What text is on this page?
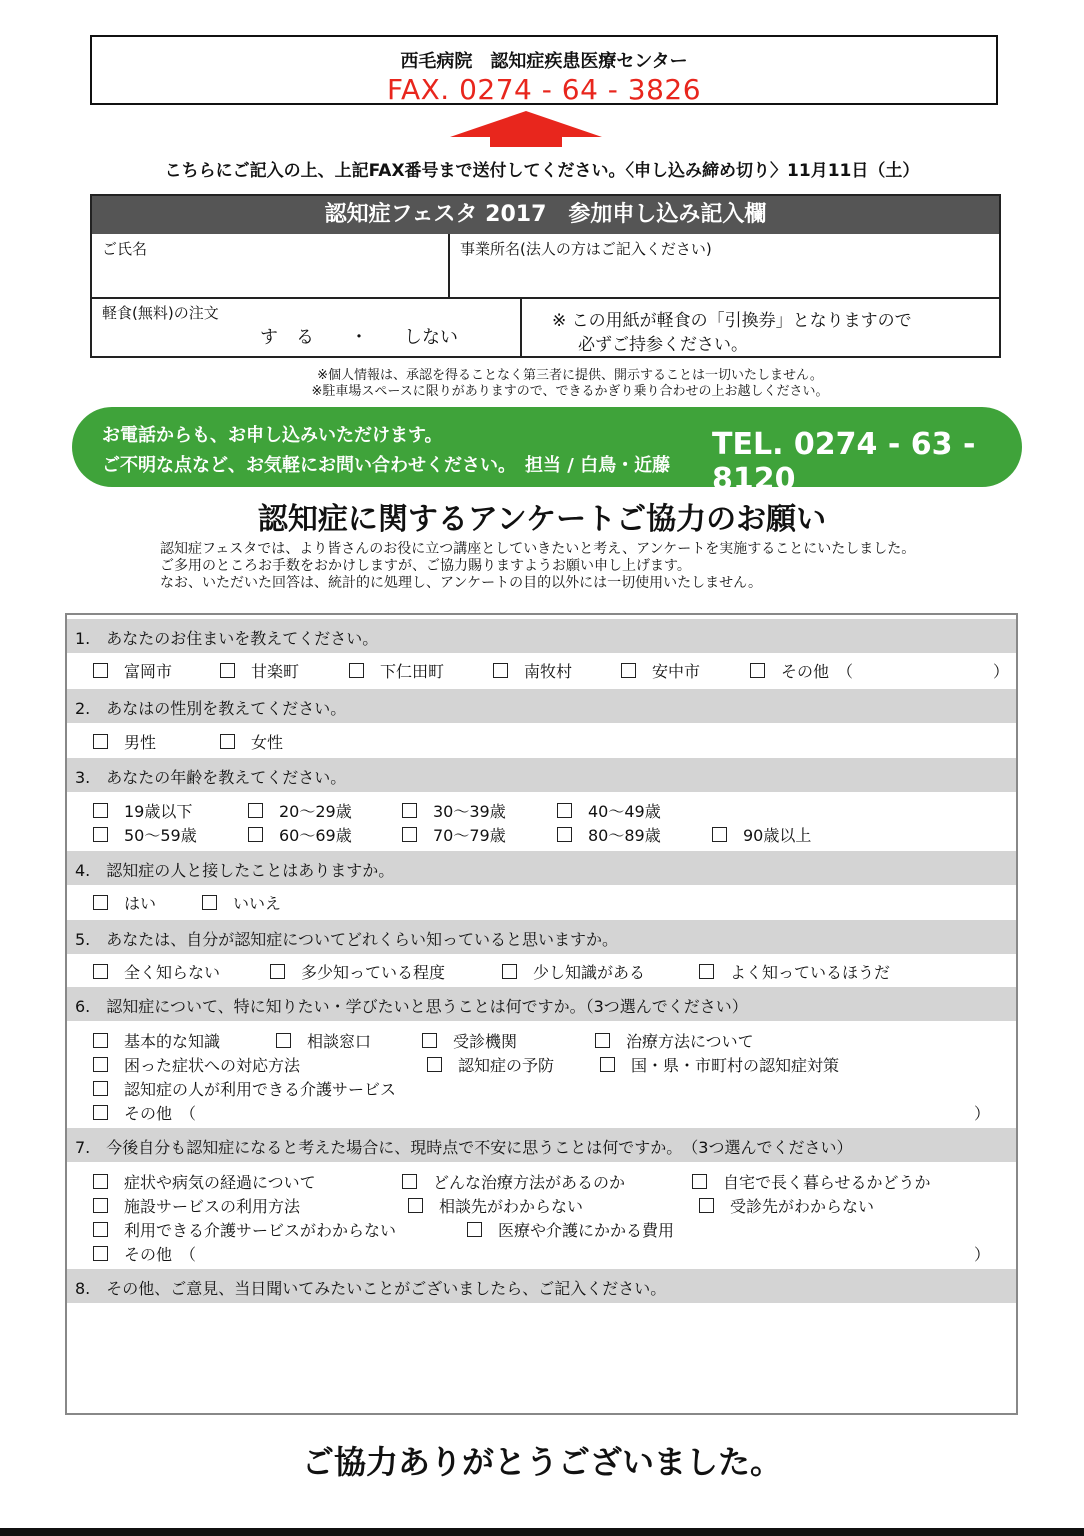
西毛病院　認知症疾患医療センター
FAX. 0274 - 64 - 3826
こちらにご記入の上、上記FAX番号まで送付してください。〈申し込み締め切り〉11月11日（土）
認知症フェスタ 2017　参加申し込み記入欄
ご氏名	事業所名(法人の方はご記入ください)
軽食(無料)の注文
す　る　　・　　しない
※ この用紙が軽食の「引換券」となりますので
必ずご持参ください。
※個人情報は、承認を得ることなく第三者に提供、開示することは一切いたしません。
※駐車場スペースに限りがありますので、できるかぎり乗り合わせの上お越しください。
お電話からも、お申し込みいただけます。
ご不明な点など、お気軽にお問い合わせください。　担当 / 白鳥・近藤
TEL. 0274 - 63 - 8120
認知症に関するアンケートご協力のお願い
認知症フェスタでは、より皆さんのお役に立つ講座としていきたいと考え、アンケートを実施することにいたしました。
ご多用のところお手数をおかけしますが、ご協力賜りますようお願い申し上げます。
なお、いただいた回答は、統計的に処理し、アンケートの目的以外には一切使用いたしません。
1.　あなたのお住まいを教えてください。
富岡市	甘楽町	下仁田町	南牧村	安中市	その他　（	）
2.　あなはの性別を教えてください。
男性	女性
3.　あなたの年齢を教えてください。
19歳以下	20～29歳	30～39歳	40～49歳
50～59歳	60～69歳	70～79歳	80～89歳	90歳以上
4.　認知症の人と接したことはありますか。
はい	いいえ
5.　あなたは、自分が認知症についてどれくらい知っていると思いますか。
全く知らない	多少知っている程度	少し知識がある	よく知っているほうだ
6.　認知症について、特に知りたい・学びたいと思うことは何ですか。（3つ選んでください）
基本的な知識	相談窓口	受診機関	治療方法について
困った症状への対応方法	認知症の予防	国・県・市町村の認知症対策
認知症の人が利用できる介護サービス
その他　（	）
7.　今後自分も認知症になると考えた場合に、現時点で不安に思うことは何ですか。　（3つ選んでください）
症状や病気の経過について	どんな治療方法があるのか	自宅で長く暮らせるかどうか
施設サービスの利用方法	相談先がわからない	受診先がわからない
利用できる介護サービスがわからない	医療や介護にかかる費用
その他　（	）
8.　その他、ご意見、当日聞いてみたいことがございましたら、ご記入ください。
ご協力ありがとうございました。
